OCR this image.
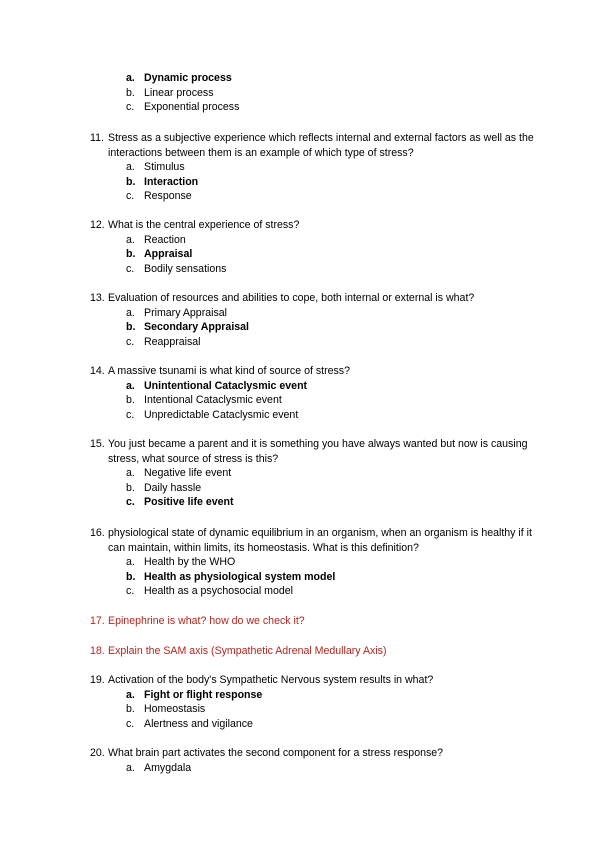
a. Dynamic process
b. Linear process
c. Exponential process
11. Stress as a subjective experience which reflects internal and external factors as well as the interactions between them is an example of which type of stress?
a. Stimulus
b. Interaction
c. Response
12. What is the central experience of stress?
a. Reaction
b. Appraisal
c. Bodily sensations
13. Evaluation of resources and abilities to cope, both internal or external is what?
a. Primary Appraisal
b. Secondary Appraisal
c. Reappraisal
14. A massive tsunami is what kind of source of stress?
a. Unintentional Cataclysmic event
b. Intentional Cataclysmic event
c. Unpredictable Cataclysmic event
15. You just became a parent and it is something you have always wanted but now is causing stress, what source of stress is this?
a. Negative life event
b. Daily hassle
c. Positive life event
16. physiological state of dynamic equilibrium in an organism, when an organism is healthy if it can maintain, within limits, its homeostasis. What is this definition?
a. Health by the WHO
b. Health as physiological system model
c. Health as a psychosocial model
17. Epinephrine is what? how do we check it?
18. Explain the SAM axis (Sympathetic Adrenal Medullary Axis)
19. Activation of the body's Sympathetic Nervous system results in what?
a. Fight or flight response
b. Homeostasis
c. Alertness and vigilance
20. What brain part activates the second component for a stress response?
a. Amygdala
